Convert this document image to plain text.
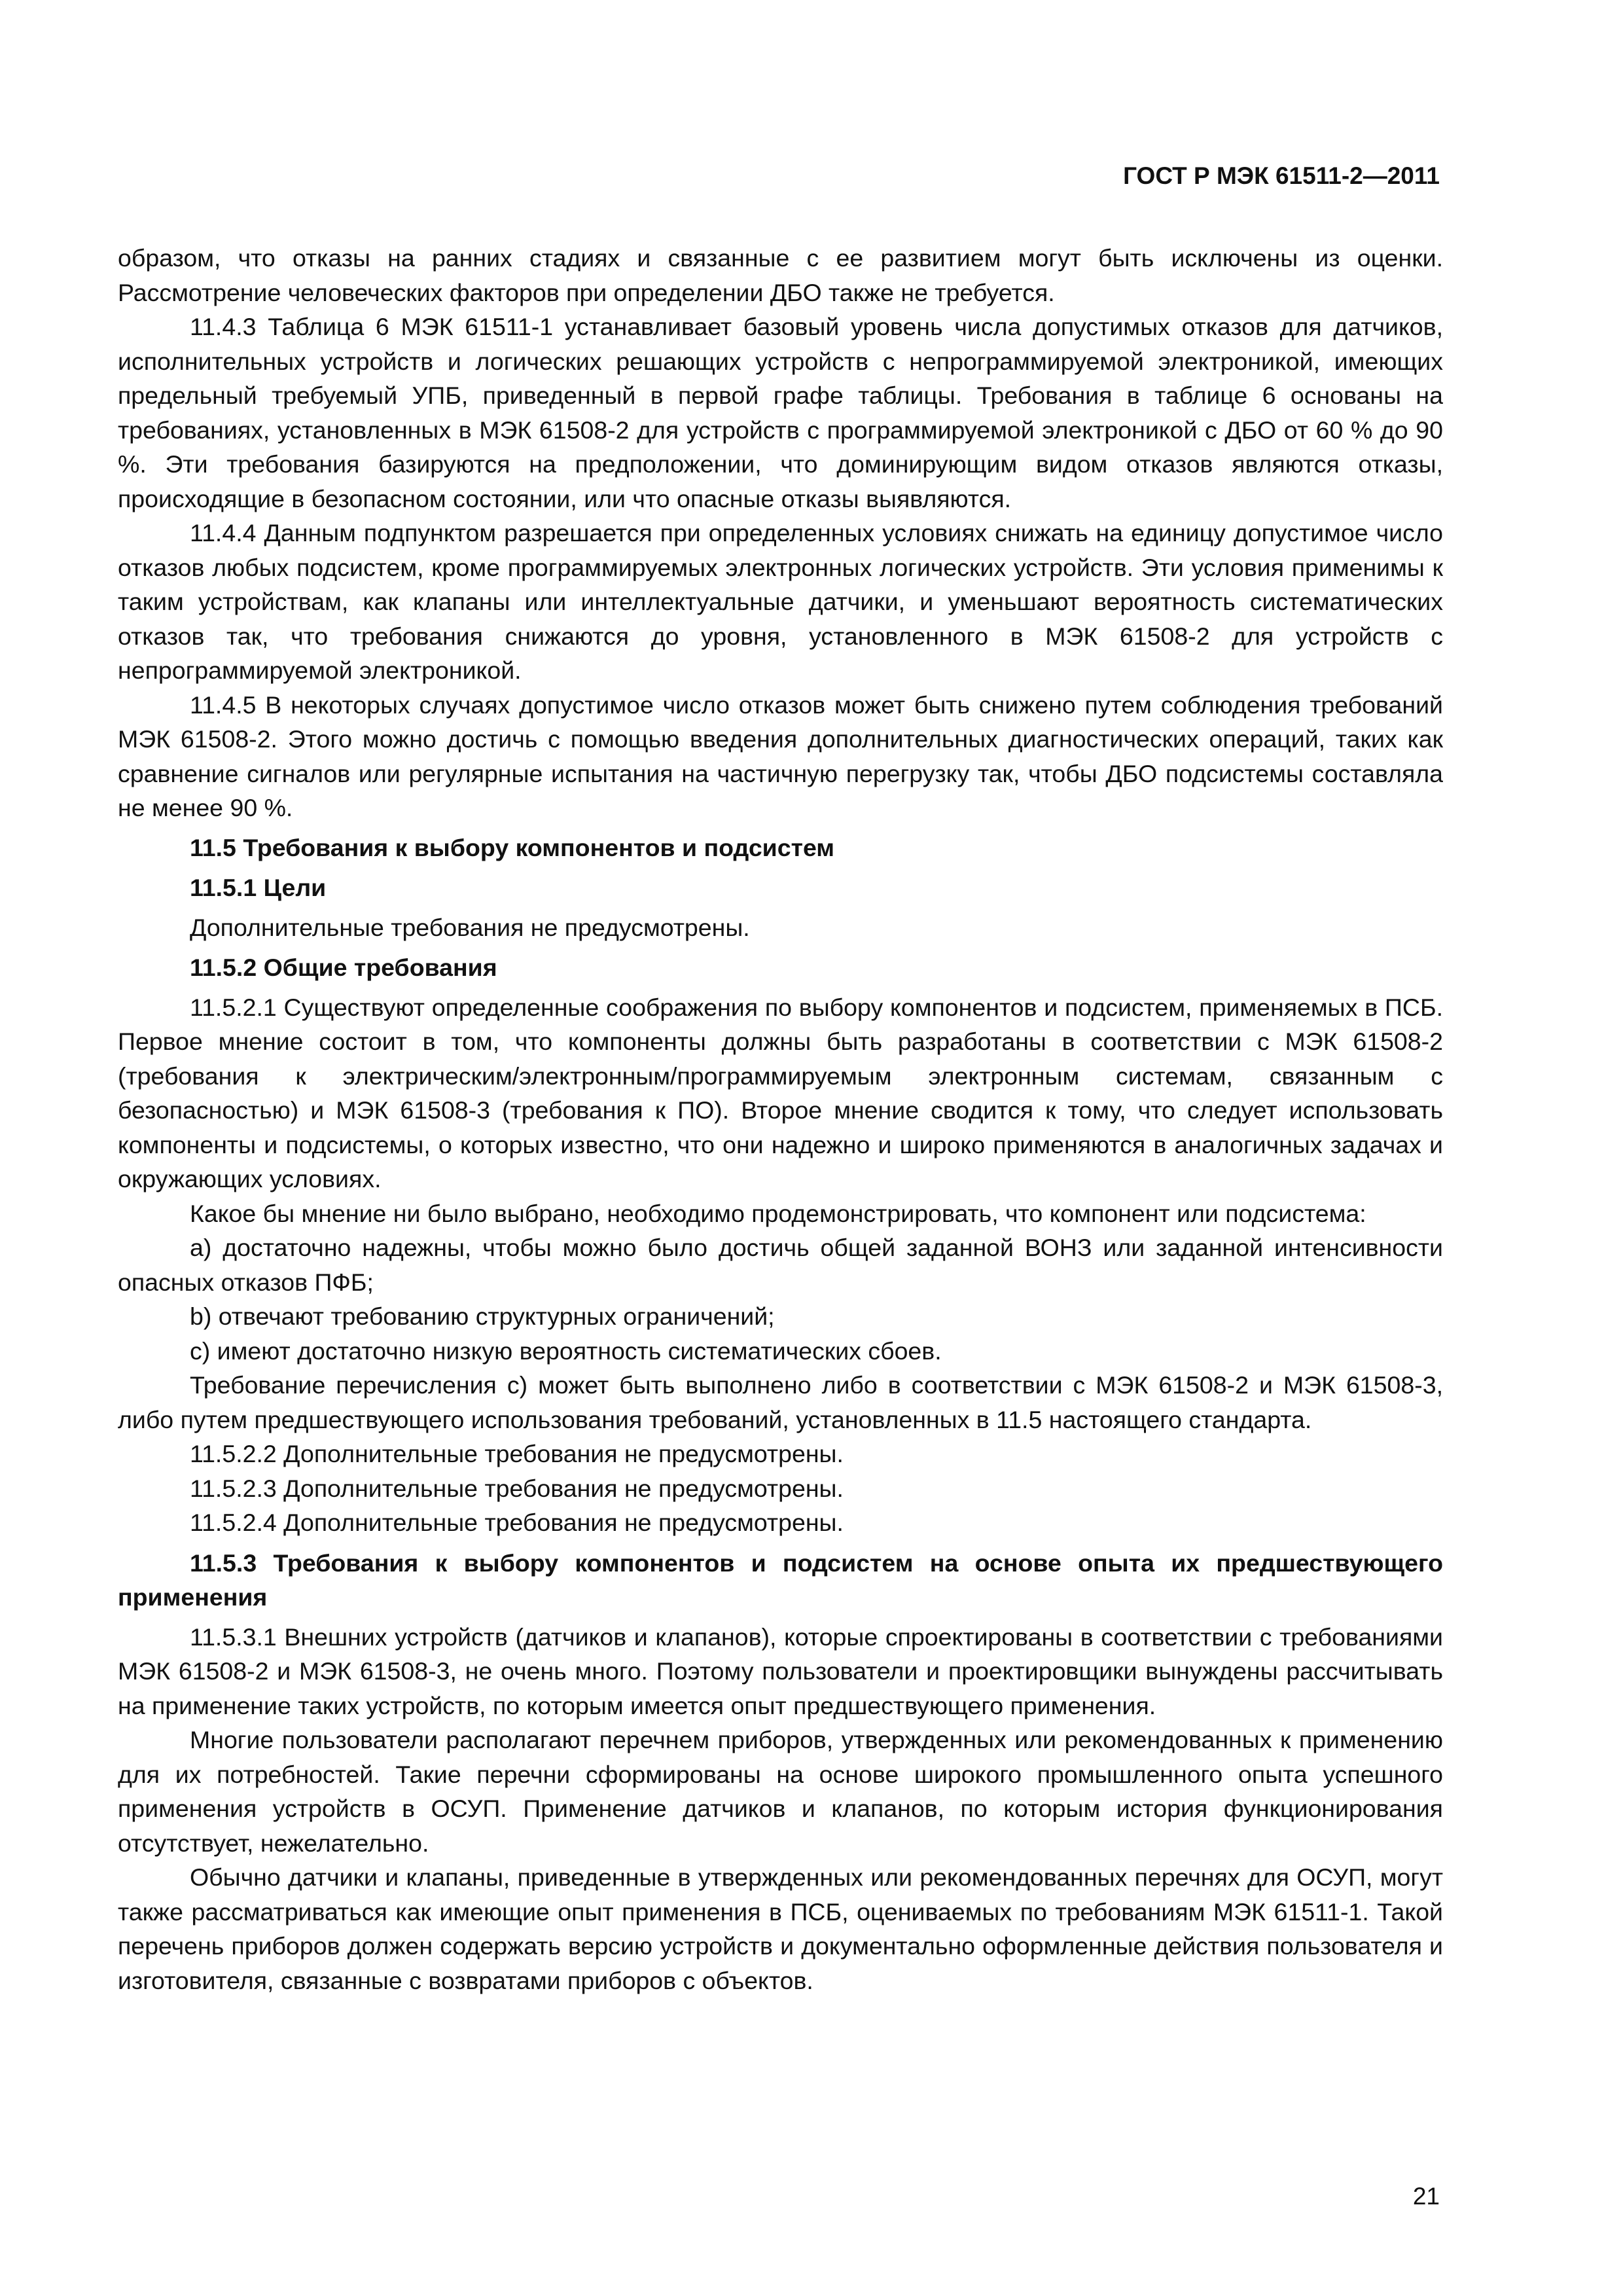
ГОСТ Р МЭК 61511-2—2011

образом, что отказы на ранних стадиях и связанные с ее развитием могут быть исключены из оценки. Рассмотрение человеческих факторов при определении ДБО также не требуется.

11.4.3 Таблица 6 МЭК 61511-1 устанавливает базовый уровень числа допустимых отказов для датчиков, исполнительных устройств и логических решающих устройств с непрограммируемой электроникой, имеющих предельный требуемый УПБ, приведенный в первой графе таблицы. Требования в таблице 6 основаны на требованиях, установленных в МЭК 61508-2 для устройств с программируемой электроникой с ДБО от 60 % до 90 %. Эти требования базируются на предположении, что доминирующим видом отказов являются отказы, происходящие в безопасном состоянии, или что опасные отказы выявляются.

11.4.4 Данным подпунктом разрешается при определенных условиях снижать на единицу допустимое число отказов любых подсистем, кроме программируемых электронных логических устройств. Эти условия применимы к таким устройствам, как клапаны или интеллектуальные датчики, и уменьшают вероятность систематических отказов так, что требования снижаются до уровня, установленного в МЭК 61508-2 для устройств с непрограммируемой электроникой.

11.4.5 В некоторых случаях допустимое число отказов может быть снижено путем соблюдения требований МЭК 61508-2. Этого можно достичь с помощью введения дополнительных диагностических операций, таких как сравнение сигналов или регулярные испытания на частичную перегрузку так, чтобы ДБО подсистемы составляла не менее 90 %.

11.5 Требования к выбору компонентов и подсистем

11.5.1 Цели

Дополнительные требования не предусмотрены.

11.5.2 Общие требования

11.5.2.1 Существуют определенные соображения по выбору компонентов и подсистем, применяемых в ПСБ. Первое мнение состоит в том, что компоненты должны быть разработаны в соответствии с МЭК 61508-2 (требования к электрическим/электронным/программируемым электронным системам, связанным с безопасностью) и МЭК 61508-3 (требования к ПО). Второе мнение сводится к тому, что следует использовать компоненты и подсистемы, о которых известно, что они надежно и широко применяются в аналогичных задачах и окружающих условиях.

Какое бы мнение ни было выбрано, необходимо продемонстрировать, что компонент или подсистема:

a) достаточно надежны, чтобы можно было достичь общей заданной ВОНЗ или заданной интенсивности опасных отказов ПФБ;

b) отвечают требованию структурных ограничений;

c) имеют достаточно низкую вероятность систематических сбоев.

Требование перечисления c) может быть выполнено либо в соответствии с МЭК 61508-2 и МЭК 61508-3, либо путем предшествующего использования требований, установленных в 11.5 настоящего стандарта.

11.5.2.2 Дополнительные требования не предусмотрены.

11.5.2.3 Дополнительные требования не предусмотрены.

11.5.2.4 Дополнительные требования не предусмотрены.

11.5.3 Требования к выбору компонентов и подсистем на основе опыта их предшествующего применения

11.5.3.1 Внешних устройств (датчиков и клапанов), которые спроектированы в соответствии с требованиями МЭК 61508-2 и МЭК 61508-3, не очень много. Поэтому пользователи и проектировщики вынуждены рассчитывать на применение таких устройств, по которым имеется опыт предшествующего применения.

Многие пользователи располагают перечнем приборов, утвержденных или рекомендованных к применению для их потребностей. Такие перечни сформированы на основе широкого промышленного опыта успешного применения устройств в ОСУП. Применение датчиков и клапанов, по которым история функционирования отсутствует, нежелательно.

Обычно датчики и клапаны, приведенные в утвержденных или рекомендованных перечнях для ОСУП, могут также рассматриваться как имеющие опыт применения в ПСБ, оцениваемых по требованиям МЭК 61511-1. Такой перечень приборов должен содержать версию устройств и документально оформленные действия пользователя и изготовителя, связанные с возвратами приборов с объектов.

21
